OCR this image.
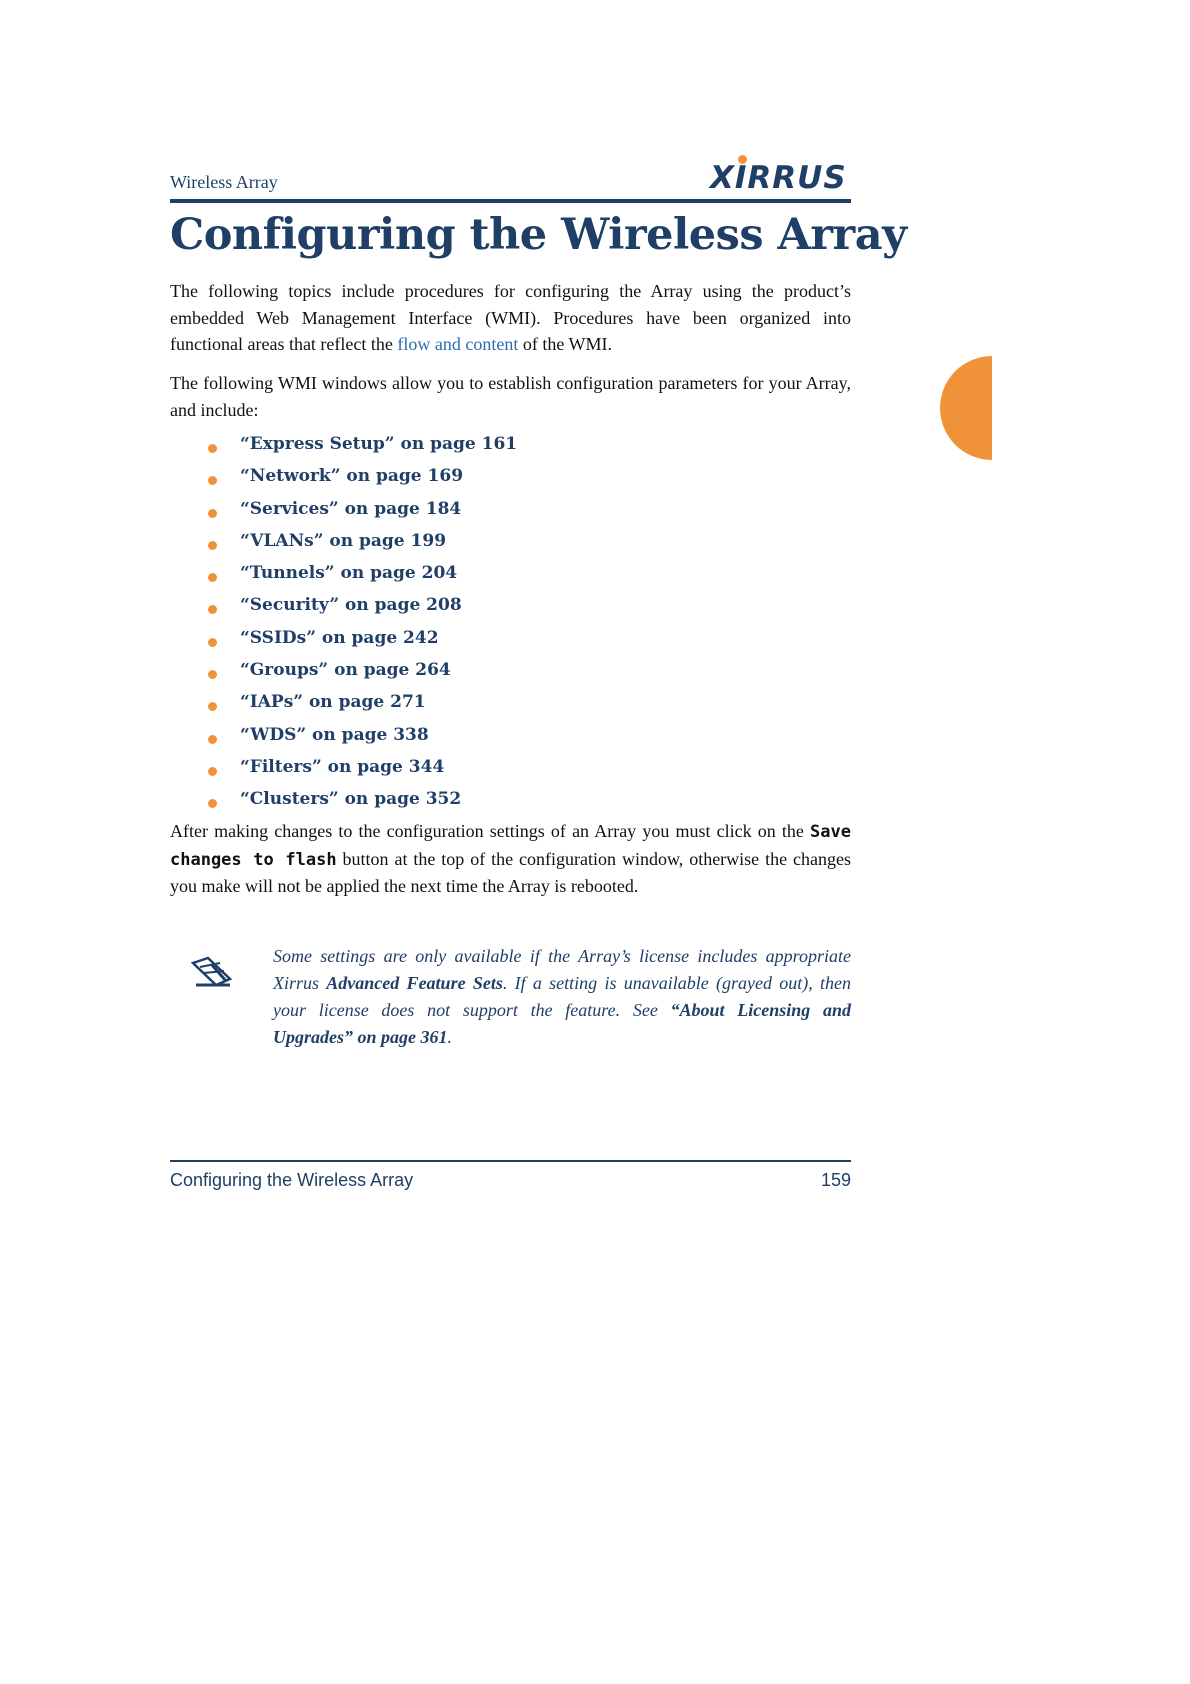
Wireless Array	XIRRUS
Configuring the Wireless Array

The following topics include procedures for configuring the Array using the product’s embedded Web Management Interface (WMI). Procedures have been organized into functional areas that reflect the flow and content of the WMI.

The following WMI windows allow you to establish configuration parameters for your Array, and include:

“Express Setup” on page 161
“Network” on page 169
“Services” on page 184
“VLANs” on page 199
“Tunnels” on page 204
“Security” on page 208
“SSIDs” on page 242
“Groups” on page 264
“IAPs” on page 271
“WDS” on page 338
“Filters” on page 344
“Clusters” on page 352

After making changes to the configuration settings of an Array you must click on the Save changes to flash button at the top of the configuration window, otherwise the changes you make will not be applied the next time the Array is rebooted.

Some settings are only available if the Array’s license includes appropriate Xirrus Advanced Feature Sets. If a setting is unavailable (grayed out), then your license does not support the feature. See “About Licensing and Upgrades” on page 361.

Configuring the Wireless Array	159
